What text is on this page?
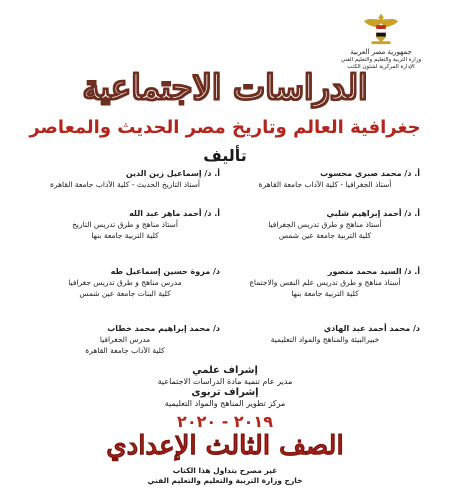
جمهورية مصر العربية
وزارة التربية والتعليم والتعليم الفني
الإدارة المركزية لشئون الكتب
الدراسات الاجتماعية
جغرافية العالم وتاريخ مصر الحديث والمعاصر
تأليف
أ. د/ محمد صبري محسوب
أستاذ الجغرافيا - كلية الآداب جامعة القاهرة
أ. د/ إسماعيل زين الدين
أستاذ التاريخ الحديث - كلية الآداب جامعة القاهرة
أ. د/ أحمد إبراهيم شلبي
أستاذ مناهج و طرق تدريس الجغرافيا
كلية التربية جامعة عين شمس
أ. د/ أحمد ماهر عبد الله
أستاذ مناهج و طرق تدريس التاريخ
كلية التربية جامعة بنها
أ. د/ السيد محمد منصور
أستاذ مناهج و طرق تدريس علم النفس والاجتماع
كلية التربية جامعة بنها
د/ مروة حسين إسماعيل طه
مدرس مناهج و طرق تدريس جغرافيا
كلية البنات جامعة عين شمس
د/ محمد أحمد عبد الهادي
خبيرالبيئة والمناهج والمواد التعليمية
د/ محمد إبراهيم محمد خطاب
مدرس الجغرافيا
كلية الآداب جامعة القاهرة
إشراف علمي
مدير عام تنمية مادة الدراسات الاجتماعية
إشراف تربوى
مركز تطوير المناهج والمواد التعليمية
٢٠١٩ - ٢٠٢٠
الصف الثالث الإعدادي
غير مصرح بتداول هذا الكتاب
خارج وزارة التربية والتعليم والتعليم الفني
